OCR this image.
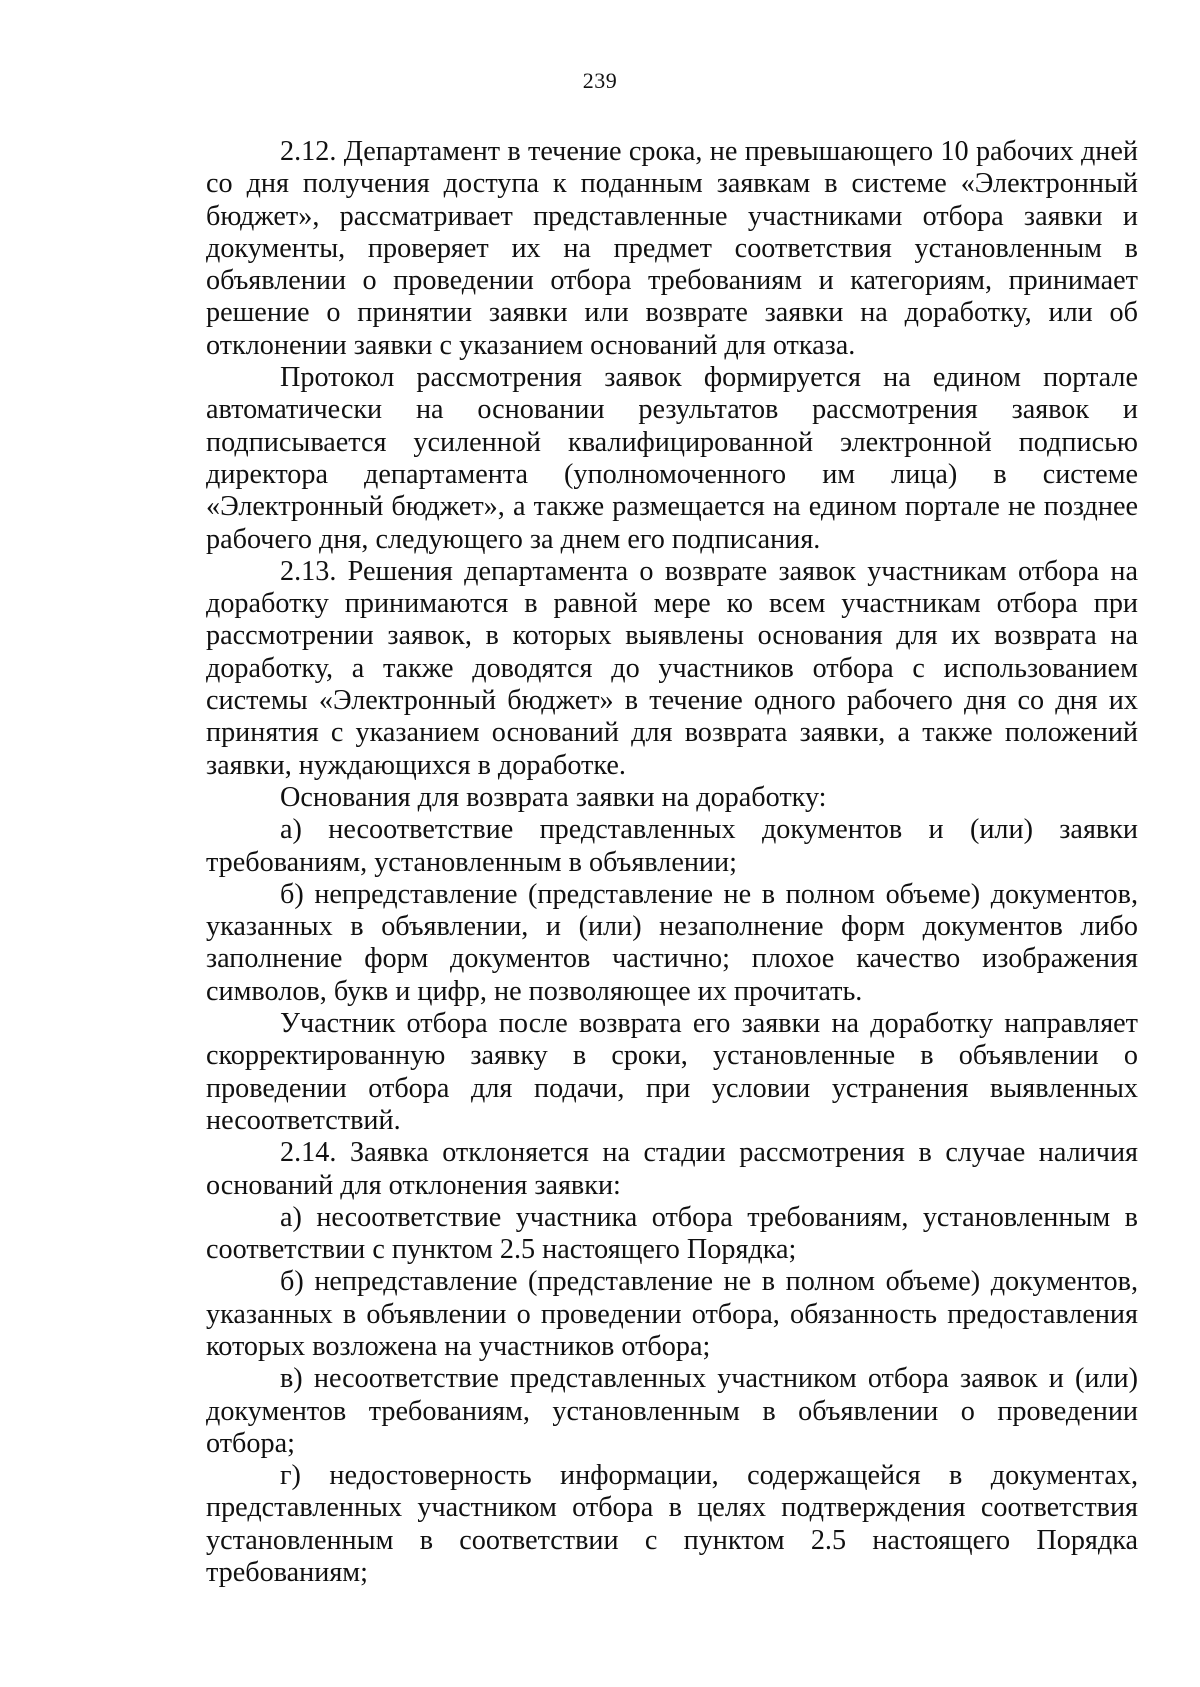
239

2.12. Департамент в течение срока, не превышающего 10 рабочих дней со дня получения доступа к поданным заявкам в системе «Электронный бюджет», рассматривает представленные участниками отбора заявки и документы, проверяет их на предмет соответствия установленным в объявлении о проведении отбора требованиям и категориям, принимает решение о принятии заявки или возврате заявки на доработку, или об отклонении заявки с указанием оснований для отказа.

Протокол рассмотрения заявок формируется на едином портале автоматически на основании результатов рассмотрения заявок и подписывается усиленной квалифицированной электронной подписью директора департамента (уполномоченного им лица) в системе «Электронный бюджет», а также размещается на едином портале не позднее рабочего дня, следующего за днем его подписания.

2.13. Решения департамента о возврате заявок участникам отбора на доработку принимаются в равной мере ко всем участникам отбора при рассмотрении заявок, в которых выявлены основания для их возврата на доработку, а также доводятся до участников отбора с использованием системы «Электронный бюджет» в течение одного рабочего дня со дня их принятия с указанием оснований для возврата заявки, а также положений заявки, нуждающихся в доработке.

Основания для возврата заявки на доработку:

а) несоответствие представленных документов и (или) заявки требованиям, установленным в объявлении;

б) непредставление (представление не в полном объеме) документов, указанных в объявлении, и (или) незаполнение форм документов либо заполнение форм документов частично; плохое качество изображения символов, букв и цифр, не позволяющее их прочитать.

Участник отбора после возврата его заявки на доработку направляет скорректированную заявку в сроки, установленные в объявлении о проведении отбора для подачи, при условии устранения выявленных несоответствий.

2.14. Заявка отклоняется на стадии рассмотрения в случае наличия оснований для отклонения заявки:

а) несоответствие участника отбора требованиям, установленным в соответствии с пунктом 2.5 настоящего Порядка;

б) непредставление (представление не в полном объеме) документов, указанных в объявлении о проведении отбора, обязанность предоставления которых возложена на участников отбора;

в) несоответствие представленных участником отбора заявок и (или) документов требованиям, установленным в объявлении о проведении отбора;

г) недостоверность информации, содержащейся в документах, представленных участником отбора в целях подтверждения соответствия установленным в соответствии с пунктом 2.5 настоящего Порядка требованиям;
